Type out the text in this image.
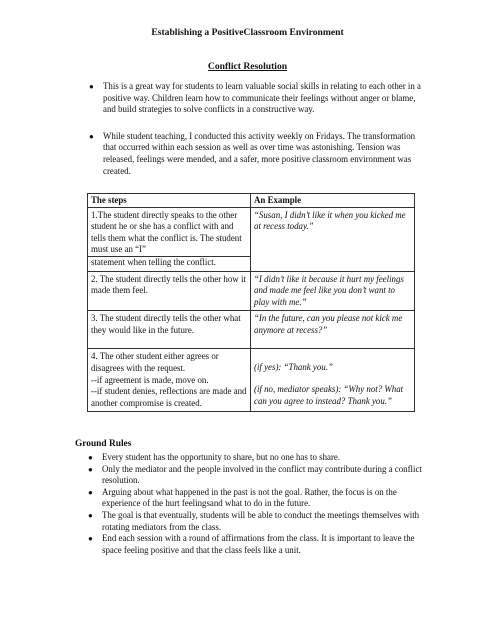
Establishing a PositiveClassroom Environment
Conflict Resolution
● This is a great way for students to learn valuable social skills in relating to each other in a positive way. Children learn how to communicate their feelings without anger or blame, and build strategies to solve conflicts in a constructive way.
● While student teaching, I conducted this activity weekly on Fridays. The transformation that occurred within each session as well as over time was astonishing. Tension was released, feelings were mended, and a safer, more positive classroom environment was created.
The steps	An Example
1.The student directly speaks to the other student he or she has a conflict with and tells them what the conflict is. The student must use an “I”
statement when telling the conflict.	“Susan, I didn’t like it when you kicked me at recess today.”
2. The student directly tells the other how it made them feel.	“I didn’t like it because it hurt my feelings and made me feel like you don’t want to play with me.”
3. The student directly tells the other what they would like in the future.	“In the future, can you please not kick me anymore at recess?”

4. The other student either agrees or disagrees with the request.
--if agreement is made, move on.
--if student denies, reflections are made and another compromise is created.	(if yes): “Thank you.”
(if no, mediator speaks): “Why not? What can you agree to instead? Thank you.”
Ground Rules
● Every student has the opportunity to share, but no one has to share.
● Only the mediator and the people involved in the conflict may contribute during a conflict resolution.
● Arguing about what happened in the past is not the goal. Rather, the focus is on the experience of the hurt feelingsand what to do in the future.
● The goal is that eventually, students will be able to conduct the meetings themselves with rotating mediators from the class.
● End each session with a round of affirmations from the class. It is important to leave the space feeling positive and that the class feels like a unit.
